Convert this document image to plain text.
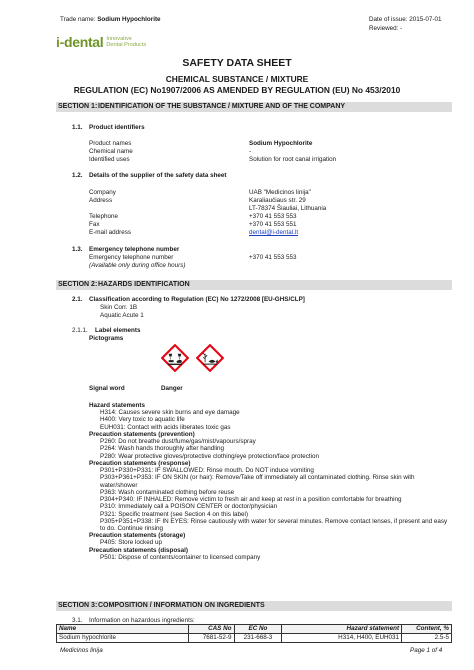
Trade name: Sodium Hypochlorite	Date of issue: 2015-07-01
Reviewed: -
i- dental Innovative
Dental Products
SAFETY DATA SHEET
CHEMICAL SUBSTANCE / MIXTURE
REGULATION (EC) No1907/2006 AS AMENDED BY REGULATION (EU) No 453/2010
SECTION 1:IDENTIFICATION OF THE SUBSTANCE / MIXTURE AND OF THE COMPANY
1.1. Product identifiers
Product names	Sodium Hypochlorite
Chemical name	-
Identified uses	Solution for root canal irrigation
1.2. Details of the supplier of the safety data sheet
Company	UAB "Medicinos linija"
Address	Karaliaučiaus str. 29
LT-78374 Šiauliai, Lithuania
Telephone	+370 41 553 553
Fax	+370 41 553 551
E-mail address	dental@i-dental.lt
1.3. Emergency telephone number
Emergency telephone number	+370 41 553 553
(Available only during office hours)
SECTION 2:HAZARDS IDENTIFICATION
2.1. Classification according to Regulation (EC) No 1272/2008 [EU-GHS/CLP]
Skin Corr. 1B
Aquatic Acute 1
2.1.1. Label elements
Pictograms
Signal word	Danger
Hazard statements
H314: Causes severe skin burns and eye damage
H400: Very toxic to aquatic life
EUH031: Contact with acids liberates toxic gas
Precaution statements (prevention)
P260: Do not breathe dust/fume/gas/mist/vapours/spray
P264: Wash hands thoroughly after handling
P280: Wear protective gloves/protective clothing/eye protection/face protection
Precaution statements (response)
P301+P330+P331: IF SWALLOWED: Rinse mouth. Do NOT induce vomiting
P303+P361+P353: IF ON SKIN (or hair): Remove/Take off immediately all contaminated clothing. Rinse skin with water/shower
P363: Wash contaminated clothing before reuse
P304+P340: IF INHALED: Remove victim to fresh air and keep at rest in a position comfortable for breathing
P310: Immediately call a POISON CENTER or doctor/physician
P321: Specific treatment (see Section 4 on this label)
P305+P351+P338: IF IN EYES: Rinse cautiously with water for several minutes. Remove contact lenses, if present and easy to do. Continue rinsing
Precaution statements (storage)
P405: Store locked up
Precaution statements (disposal)
P501: Dispose of contents/container to licensed company
SECTION 3:COMPOSITION / INFORMATION ON INGREDIENTS
3.1. Information on hazardous ingredients:
Name	CAS No	EC No	Hazard statement	Content, %
Sodium hypochlorite	7681-52-9	231-668-3	H314, H400, EUH031	2.5-5
Medicinos linija	Page 1 of 4
